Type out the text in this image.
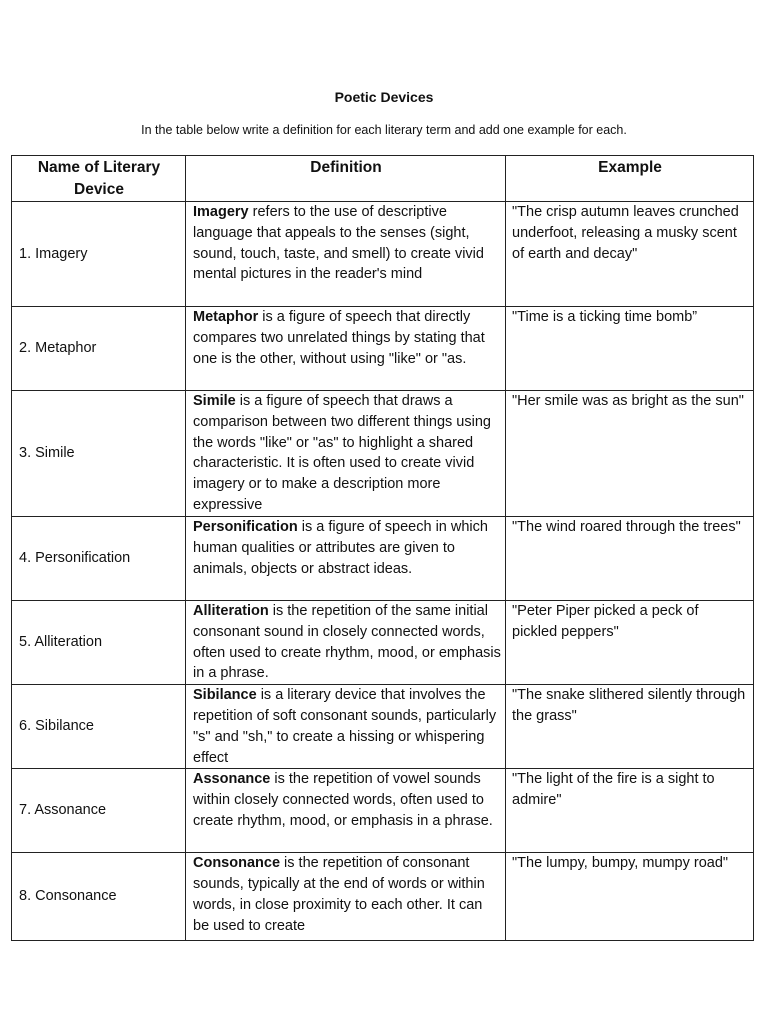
Poetic Devices
In the table below write a definition for each literary term and add one example for each.
Name of Literary Device	Definition	Example
1. Imagery	Imagery refers to the use of descriptive language that appeals to the senses (sight, sound, touch, taste, and smell) to create vivid mental pictures in the reader's mind	"The crisp autumn leaves crunched underfoot, releasing a musky scent of earth and decay"
2. Metaphor	Metaphor is a figure of speech that directly compares two unrelated things by stating that one is the other, without using "like" or "as.	"Time is a ticking time bomb”
3. Simile	Simile is a figure of speech that draws a comparison between two different things using the words "like" or "as" to highlight a shared characteristic. It is often used to create vivid imagery or to make a description more expressive	"Her smile was as bright as the sun"
4. Personification	Personification is a figure of speech in which human qualities or attributes are given to animals, objects or abstract ideas.	"The wind roared through the trees"
5. Alliteration	Alliteration is the repetition of the same initial consonant sound in closely connected words, often used to create rhythm, mood, or emphasis in a phrase.	"Peter Piper picked a peck of pickled peppers"
6. Sibilance	Sibilance is a literary device that involves the repetition of soft consonant sounds, particularly "s" and "sh," to create a hissing or whispering effect	"The snake slithered silently through the grass"
7. Assonance	Assonance is the repetition of vowel sounds within closely connected words, often used to create rhythm, mood, or emphasis in a phrase.	"The light of the fire is a sight to admire"
8. Consonance	Consonance is the repetition of consonant sounds, typically at the end of words or within words, in close proximity to each other. It can be used to create	"The lumpy, bumpy, mumpy road"
